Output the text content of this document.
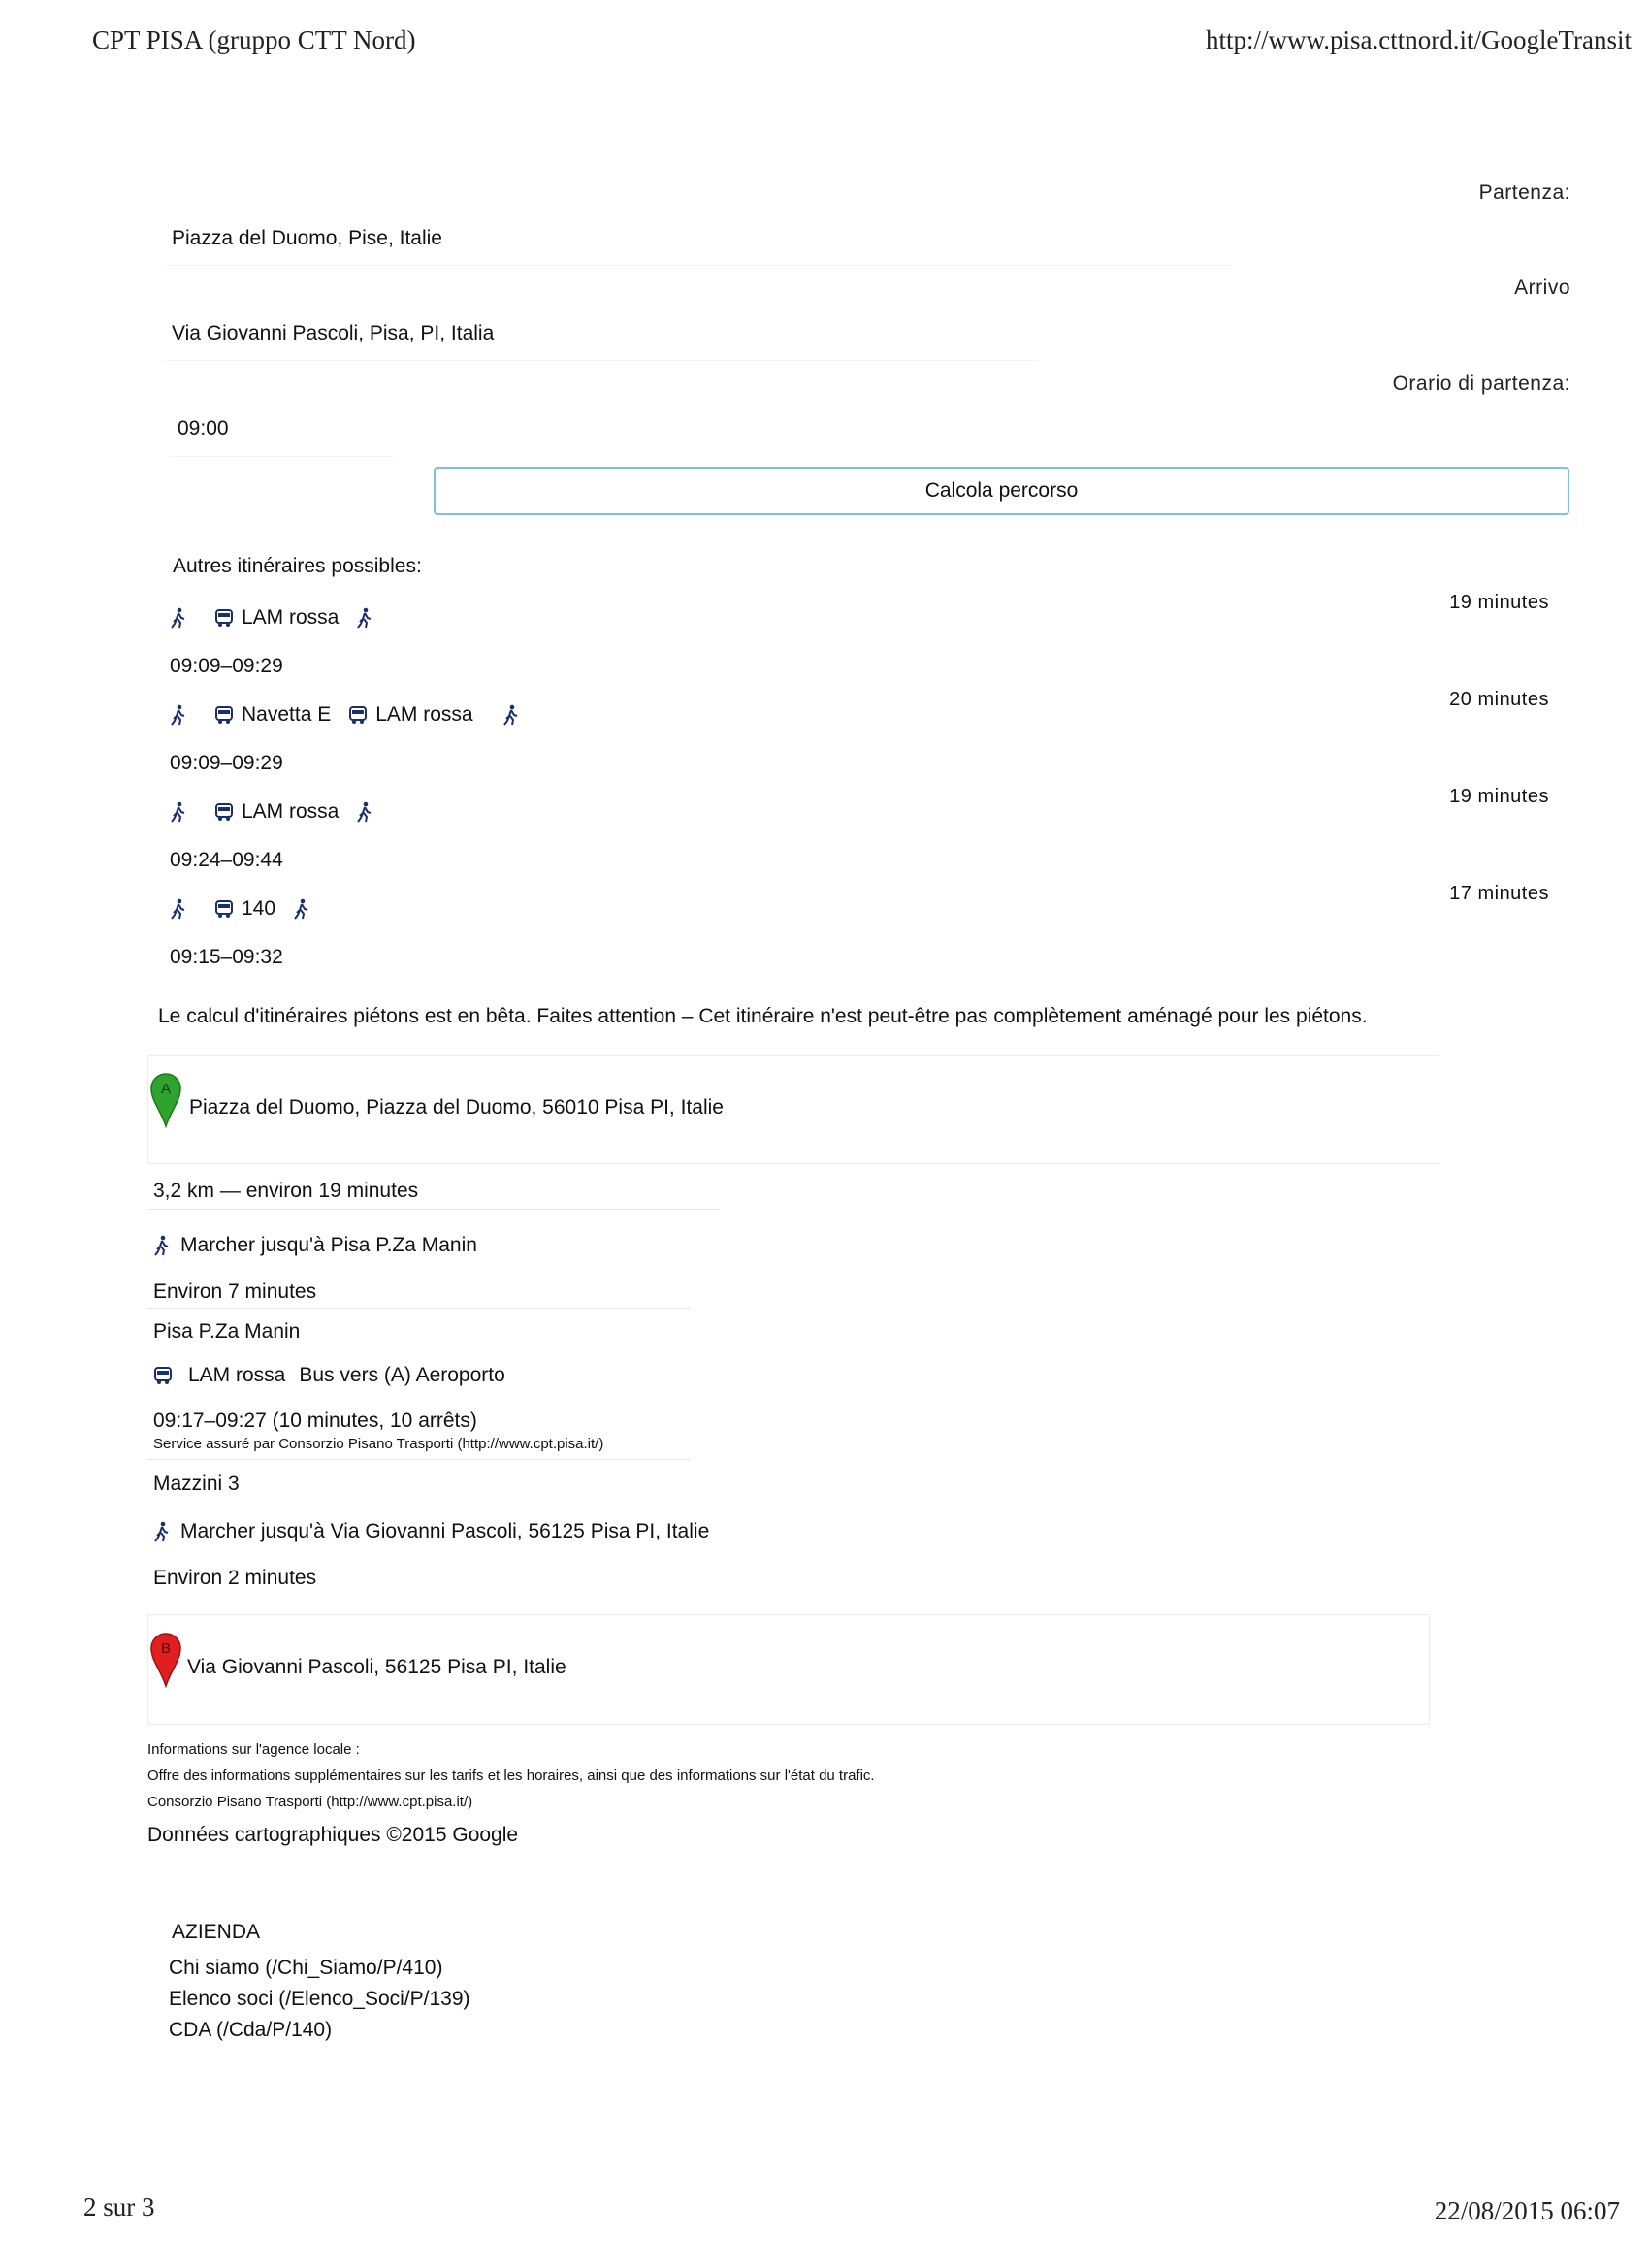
CPT PISA (gruppo CTT Nord)	http://www.pisa.cttnord.it/GoogleTransit
Partenza:
Piazza del Duomo, Pise, Italie
Arrivo
Via Giovanni Pascoli, Pisa, PI, Italia
Orario di partenza:
09:00
Calcola percorso
Autres itinéraires possibles:
19 minutes
LAM rossa
09:09–09:29
20 minutes
Navetta E LAM rossa
09:09–09:29
19 minutes
LAM rossa
09:24–09:44
17 minutes
140
09:15–09:32
Le calcul d'itinéraires piétons est en bêta. Faites attention – Cet itinéraire n'est peut-être pas complètement aménagé pour les piétons.
A
Piazza del Duomo, Piazza del Duomo, 56010 Pisa PI, Italie
3,2 km — environ 19 minutes
Marcher jusqu'à Pisa P.Za Manin
Environ 7 minutes
Pisa P.Za Manin
LAM rossa Bus vers (A) Aeroporto
09:17–09:27 (10 minutes, 10 arrêts)
Service assuré par Consorzio Pisano Trasporti (http://www.cpt.pisa.it/)
Mazzini 3
Marcher jusqu'à Via Giovanni Pascoli, 56125 Pisa PI, Italie
Environ 2 minutes
B
Via Giovanni Pascoli, 56125 Pisa PI, Italie
Informations sur l'agence locale :
Offre des informations supplémentaires sur les tarifs et les horaires, ainsi que des informations sur l'état du trafic.
Consorzio Pisano Trasporti (http://www.cpt.pisa.it/)
Données cartographiques ©2015 Google
AZIENDA
Chi siamo (/Chi_Siamo/P/410)
Elenco soci (/Elenco_Soci/P/139)
CDA (/Cda/P/140)
2 sur 3	22/08/2015 06:07
